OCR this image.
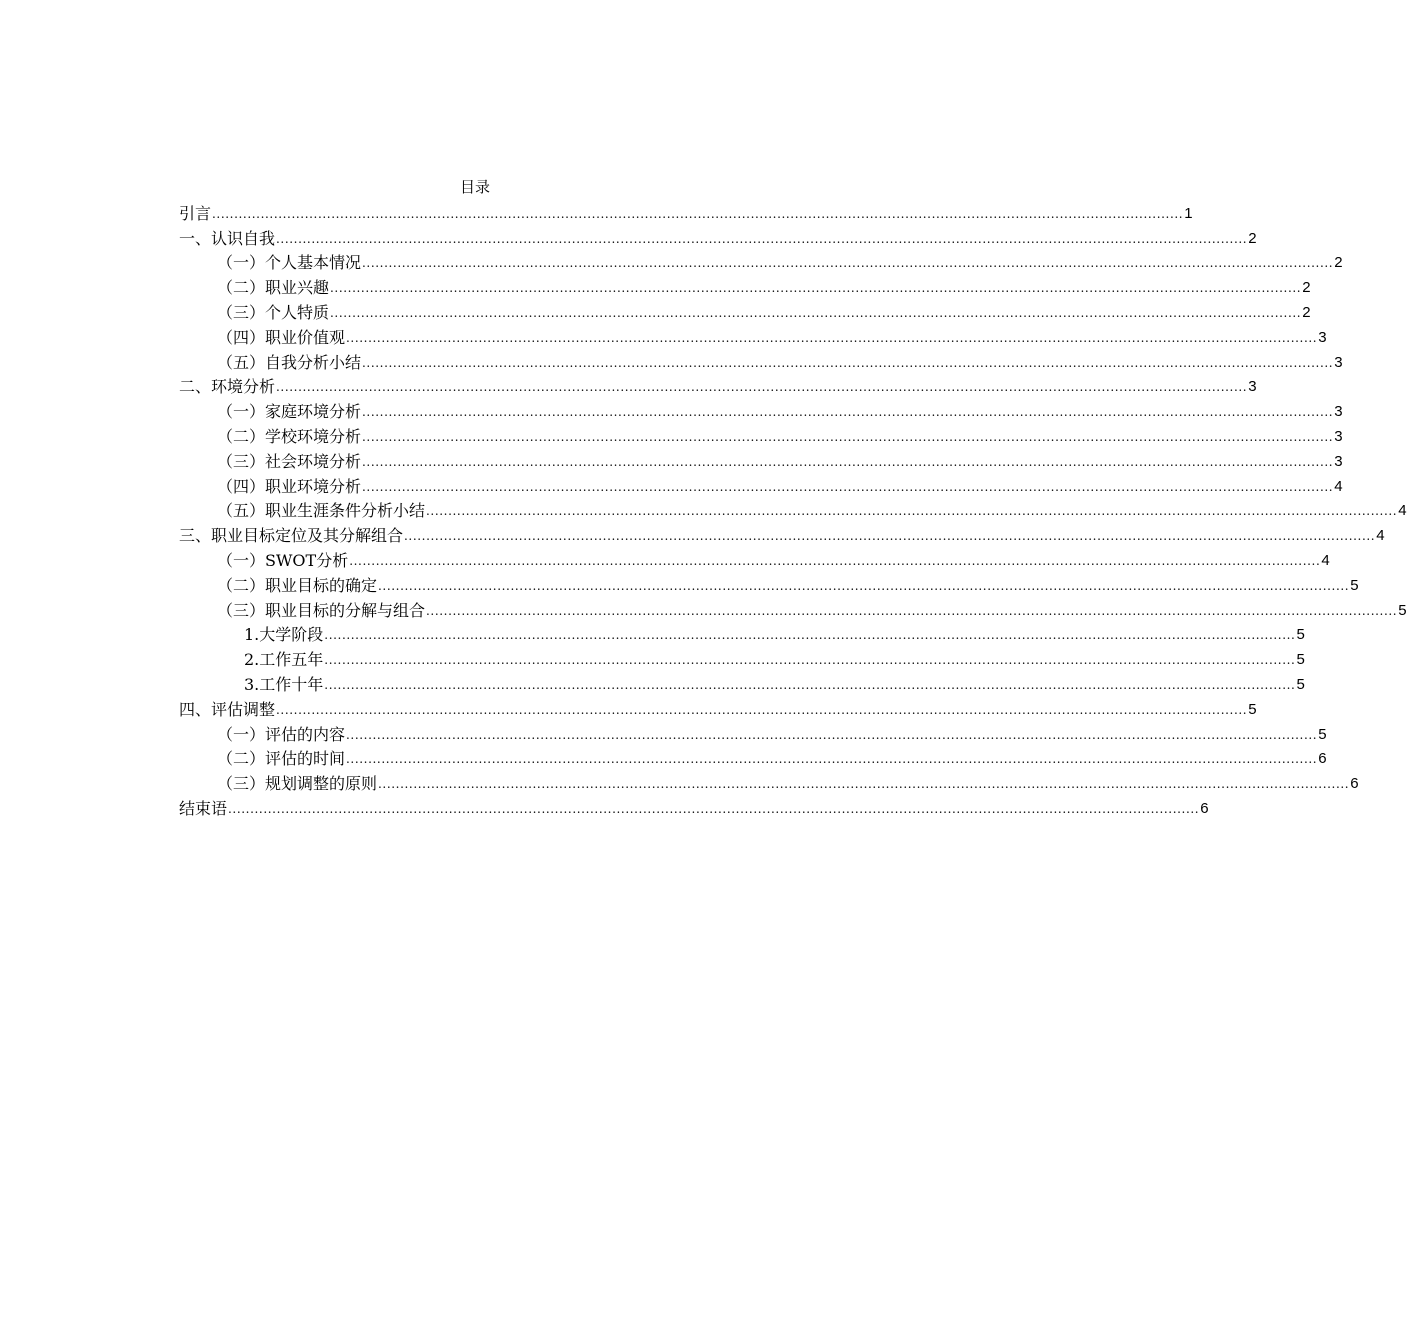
目录
引言 ............................................................................................................................................................................................................................ 1
一、认识自我 ............................................................................................................................................................................................................................ 2
（一）个人基本情况 ............................................................................................................................................................................................................................ 2
（二）职业兴趣 ............................................................................................................................................................................................................................ 2
（三）个人特质 ............................................................................................................................................................................................................................ 2
（四）职业价值观 ............................................................................................................................................................................................................................ 3
（五）自我分析小结 ............................................................................................................................................................................................................................ 3
二、环境分析 ............................................................................................................................................................................................................................ 3
（一）家庭环境分析 ............................................................................................................................................................................................................................ 3
（二）学校环境分析 ............................................................................................................................................................................................................................ 3
（三）社会环境分析 ............................................................................................................................................................................................................................ 3
（四）职业环境分析 ............................................................................................................................................................................................................................ 4
（五）职业生涯条件分析小结 ............................................................................................................................................................................................................................ 4
三、职业目标定位及其分解组合 ............................................................................................................................................................................................................................ 4
（一）SWOT分析 ............................................................................................................................................................................................................................ 4
（二）职业目标的确定 ............................................................................................................................................................................................................................ 5
（三）职业目标的分解与组合 ............................................................................................................................................................................................................................ 5
1.大学阶段 ............................................................................................................................................................................................................................ 5
2.工作五年 ............................................................................................................................................................................................................................ 5
3.工作十年 ............................................................................................................................................................................................................................ 5
四、评估调整 ............................................................................................................................................................................................................................ 5
（一）评估的内容 ............................................................................................................................................................................................................................ 5
（二）评估的时间 ............................................................................................................................................................................................................................ 6
（三）规划调整的原则 ............................................................................................................................................................................................................................ 6
结束语 ............................................................................................................................................................................................................................ 6
